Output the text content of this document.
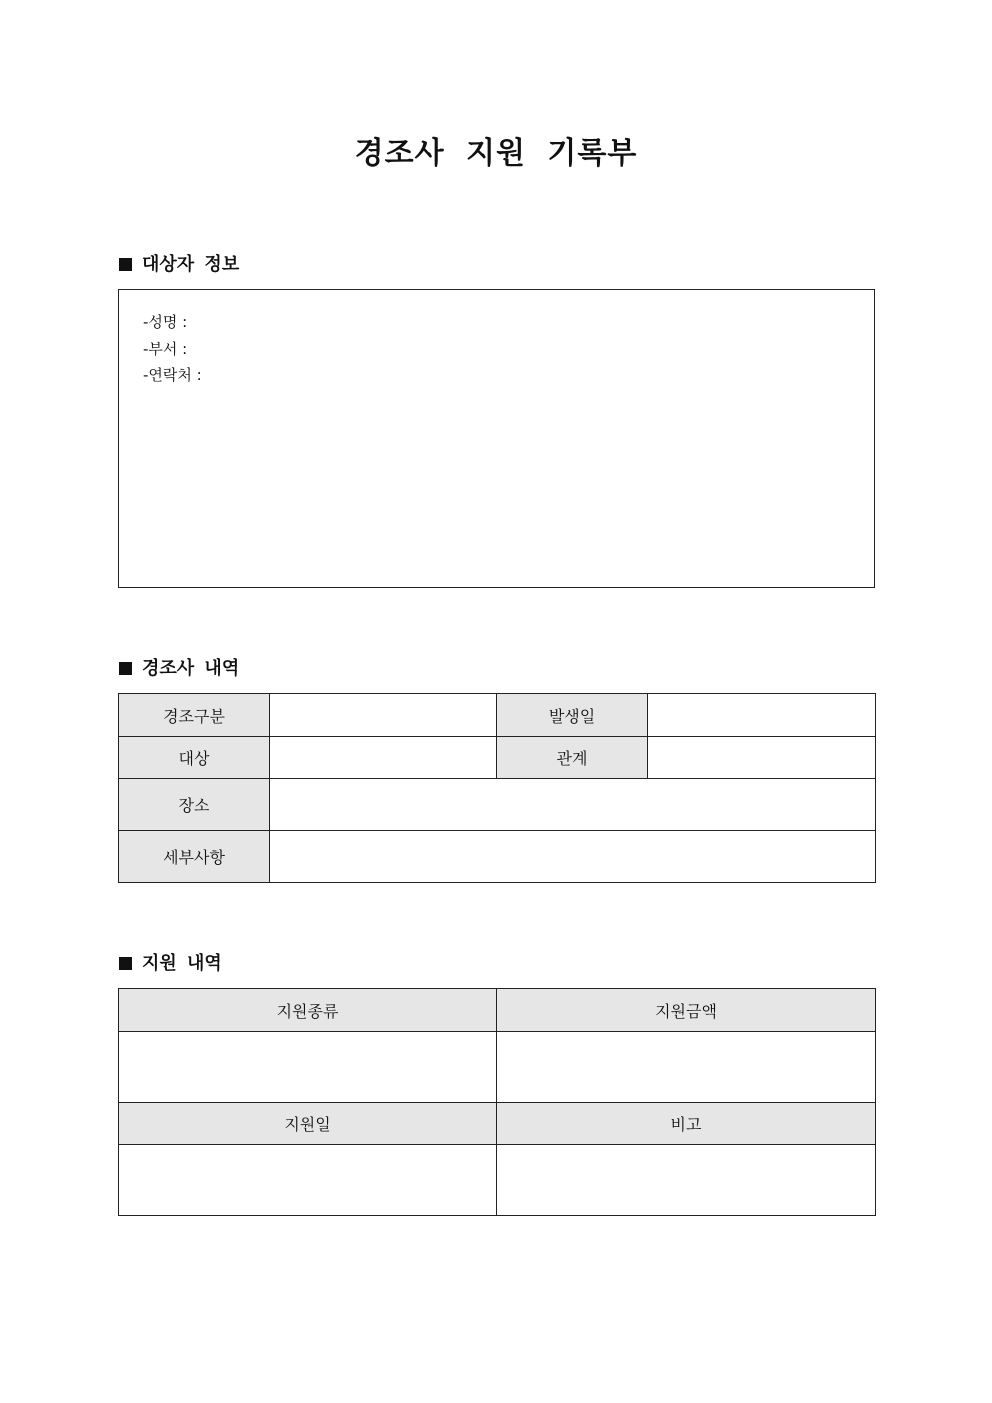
경조사 지원 기록부
대상자 정보
-성명 :
-부서 :
-연락처 :
경조사 내역
경조구분		발생일	
대상		관계	
장소			
세부사항			
지원 내역
지원종류	지원금액

지원일	비고
